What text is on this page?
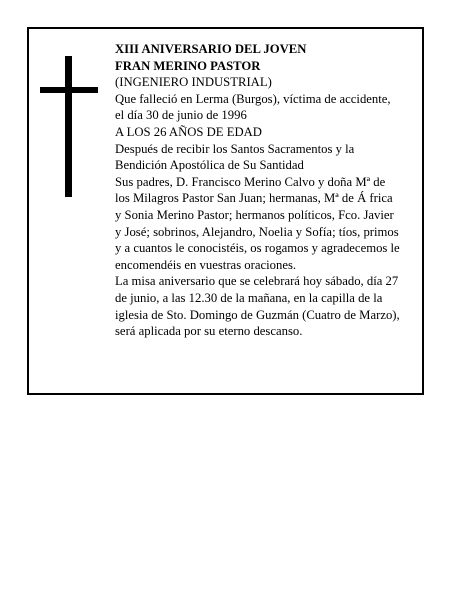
XIII ANIVERSARIO DEL JOVEN
FRAN MERINO PASTOR
(INGENIERO INDUSTRIAL)
Que falleció en Lerma (Burgos), víctima de accidente,
el día 30 de junio de 1996
A LOS 26 AÑOS DE EDAD
Después de recibir los Santos Sacramentos y la
Bendición Apostólica de Su Santidad
Sus padres, D. Francisco Merino Calvo y doña Mª de
los Milagros Pastor San Juan; hermanas, Mª de Á frica
y Sonia Merino Pastor; hermanos políticos, Fco. Javier
y José; sobrinos, Alejandro, Noelia y Sofía; tíos, primos
y a cuantos le conocistéis, os rogamos y agradecemos le
encomendéis en vuestras oraciones.
La misa aniversario que se celebrará hoy sábado, día 27
de junio, a las 12.30 de la mañana, en la capilla de la
iglesia de Sto. Domingo de Guzmán (Cuatro de Marzo),
será aplicada por su eterno descanso.
